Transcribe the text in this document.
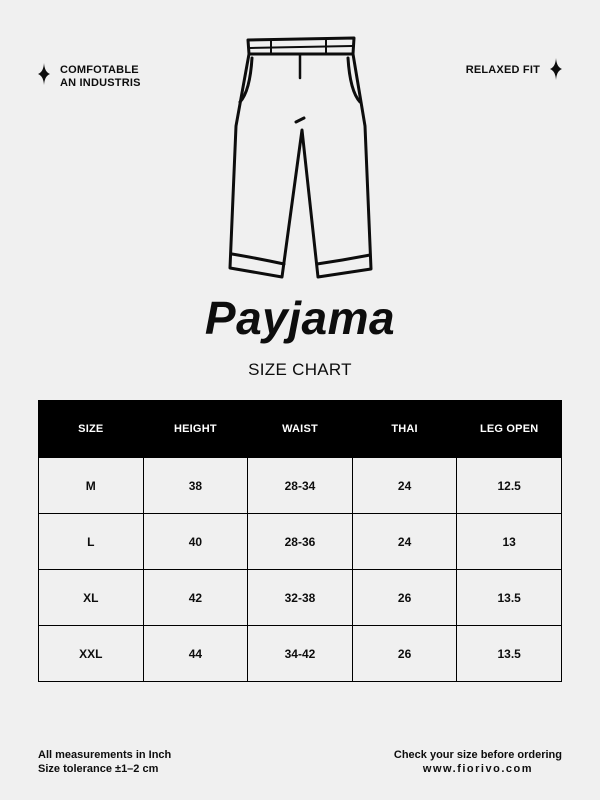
COMFOTABLE
AN INDUSTRIS
RELAXED FIT
Payjama
SIZE CHART
SIZE	HEIGHT	WAIST	THAI	LEG OPEN
M	38	28-34	24	12.5
L	40	28-36	24	13
XL	42	32-38	26	13.5
XXL	44	34-42	26	13.5
All measurements in Inch
Size tolerance ±1–2 cm
Check your size before ordering
www.fiorivo.com
